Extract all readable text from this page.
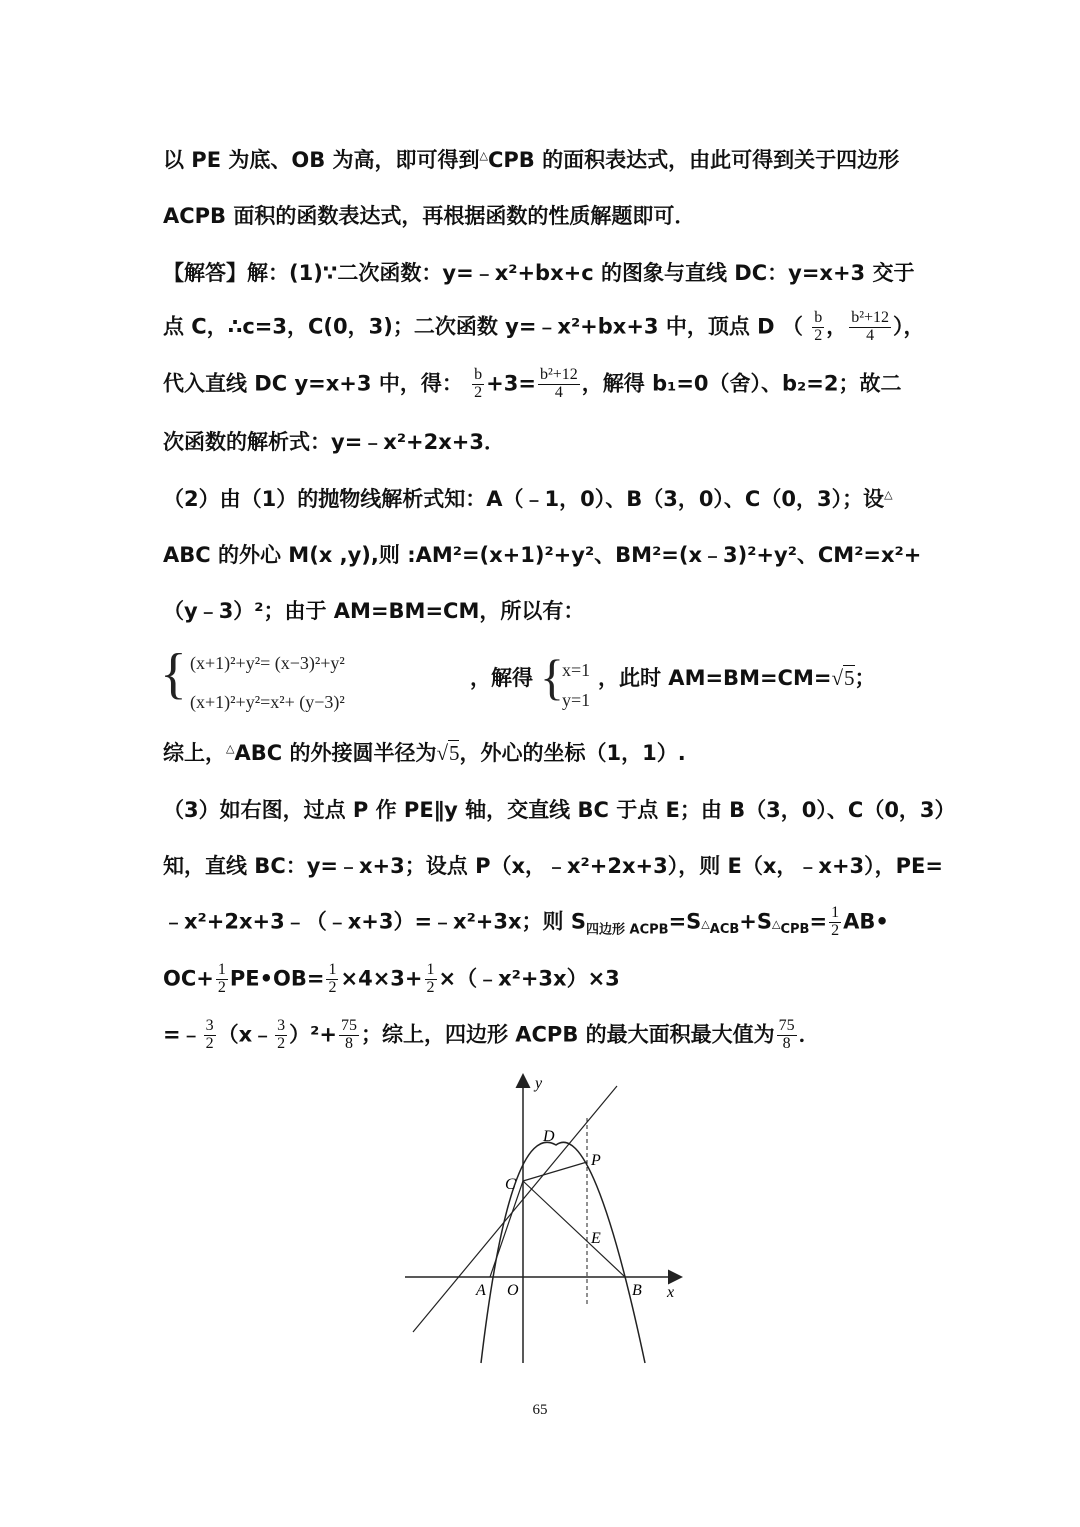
以 PE 为底、OB 为高，即可得到△CPB 的面积表达式，由此可得到关于四边形
ACPB 面积的函数表达式，再根据函数的性质解题即可．
【解答】解：(1)∵二次函数：y=﹣x²+bx+c 的图象与直线 DC：y=x+3 交于
点 C，∴c=3，C(0，3)；二次函数 y=﹣x²+bx+3 中，顶点 D （ $\frac{b}{2}$ ， $\frac{\text{b²+12}}{4}$ ），
代入直线 DC y=x+3 中，得： $\frac{b}{2} +3= \frac{\text{b²+12}}{4}$ ，解得 b₁=0（舍）、b₂=2；故二
次函数的解析式：y=﹣x²+2x+3．
（2）由（1）的抛物线解析式知：A（﹣1，0）、B（3，0）、C（0，3）；设△
ABC 的外心 M(x ,y),则 :AM²=(x+1)²+y²、BM²=(x﹣3)²+y²、CM²=x²+
（y﹣3）²；由于 AM=BM=CM，所以有：
{ (x+1)²+y²= (x−3)²+y²
(x+1)²+y²=x²+ (y−3)²
，解得 {
x=1
y=1
，此时 AM=BM=CM=√5；
综上，△ABC 的外接圆半径为√5，外心的坐标（1，1）.
（3）如右图，过点 P 作 PE∥y 轴，交直线 BC 于点 E；由 B（3，0）、C（0，3）
知，直线 BC：y=﹣x+3；设点 P（x，﹣x²+2x+3），则 E（x，﹣x+3），PE=
﹣x²+2x+3﹣（﹣x+3）=﹣x²+3x；则 $S_{四边形 ACPB}=S_{^\triangle ACB}+S_{^\triangle CPB}= \frac{1}{2}$ AB•
$OC+ \frac{1}{2}$ PE•OB= $\frac{1}{2} \times 4\times 3+ \frac{1}{2}$ ×（﹣x²+3x）×3
=﹣ $\frac{3}{2}$ （x﹣ $\frac{3}{2} )^2+ \frac{75}{8}$ ；综上，四边形 ACPB 的最大面积最大值为 $\frac{75}{8}$ ．
y
x
D
P
C
E
A O	B
65
